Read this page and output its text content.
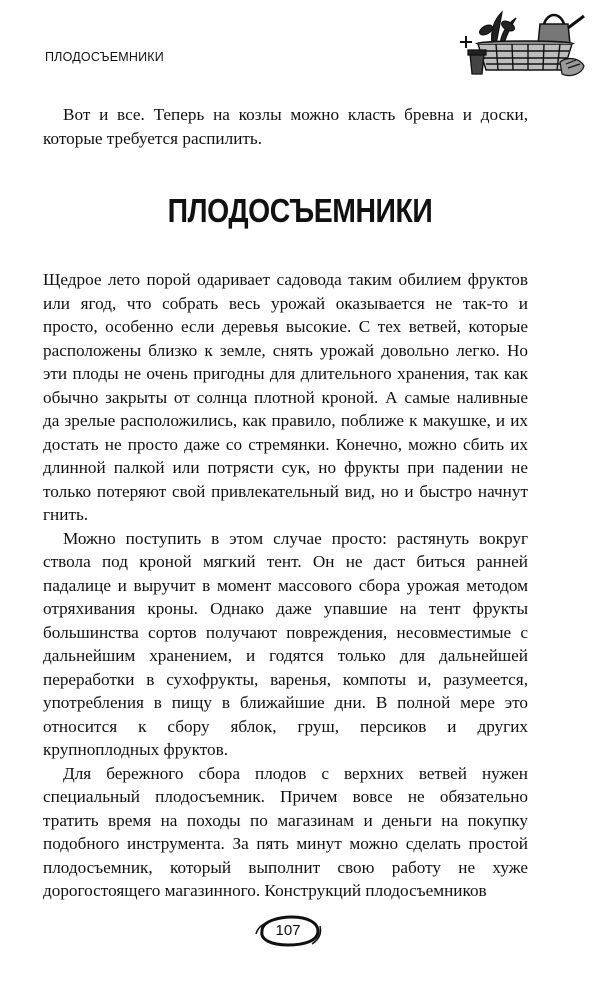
ПЛОДОСЪЕМНИКИ

Вот и все. Теперь на козлы можно класть бревна и доски, которые требуется распилить.

ПЛОДОСЪЕМНИКИ

Щедрое лето порой одаривает садовода таким обилием фруктов или ягод, что собрать весь урожай оказывается не так-то и просто, особенно если деревья высокие. С тех ветвей, которые расположены близко к земле, снять урожай довольно легко. Но эти плоды не очень пригодны для длительного хранения, так как обычно закрыты от солнца плотной кроной. А самые наливные да зрелые расположились, как правило, поближе к макушке, и их достать не просто даже со стремянки. Конечно, можно сбить их длинной палкой или потрясти сук, но фрукты при падении не только потеряют свой привлекательный вид, но и быстро начнут гнить.

Можно поступить в этом случае просто: растянуть вокруг ствола под кроной мягкий тент. Он не даст биться ранней падалице и выручит в момент массового сбора урожая методом отряхивания кроны. Однако даже упавшие на тент фрукты большинства сортов получают повреждения, несовместимые с дальнейшим хранением, и годятся только для дальнейшей переработки в сухофрукты, варенья, компоты и, разумеется, употребления в пищу в ближайшие дни. В полной мере это относится к сбору яблок, груш, персиков и других крупноплодных фруктов.

Для бережного сбора плодов с верхних ветвей нужен специальный плодосъемник. Причем вовсе не обязательно тратить время на походы по магазинам и деньги на покупку подобного инструмента. За пять минут можно сделать простой плодосъемник, который выполнит свою работу не хуже дорогостоящего магазинного. Конструкций плодосъемников

107
